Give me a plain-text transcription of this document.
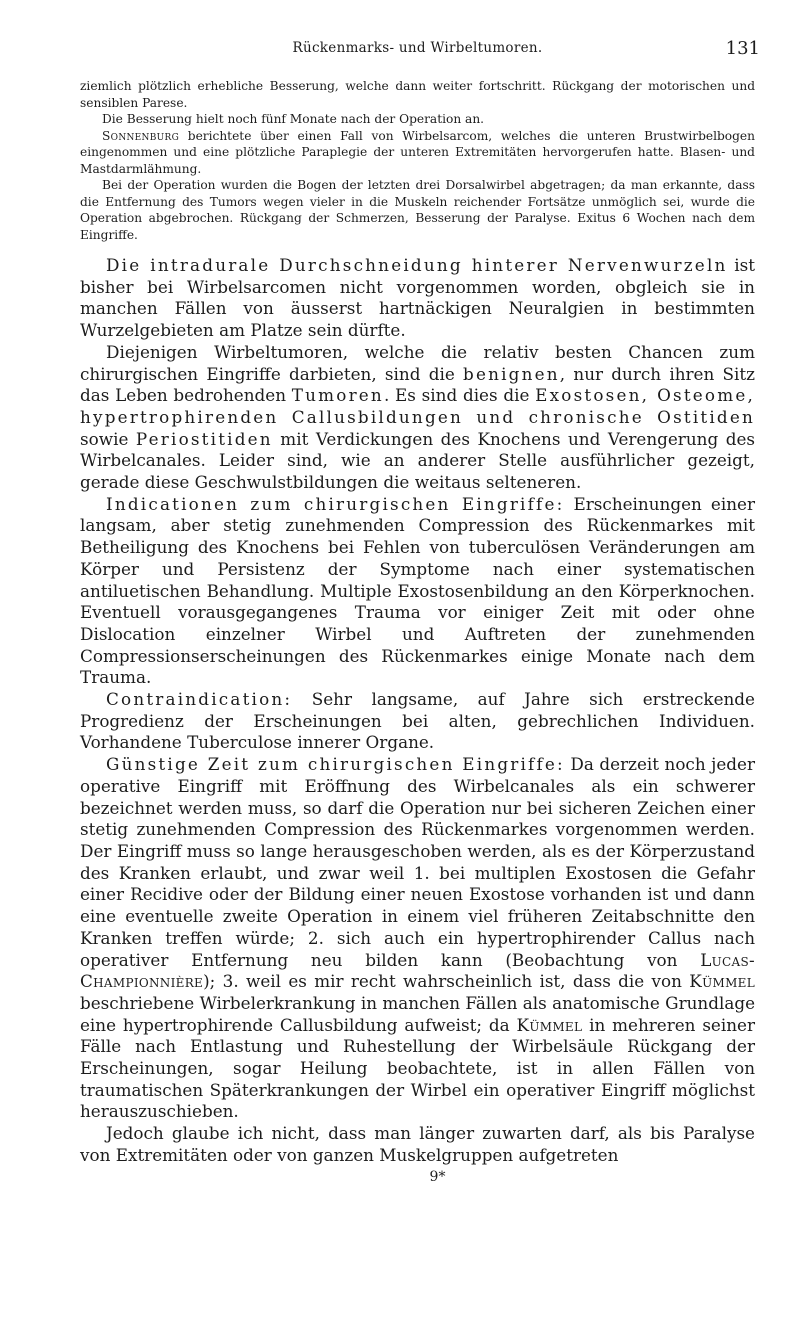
Rückenmarks- und Wirbeltumoren.	131

ziemlich plötzlich erhebliche Besserung, welche dann weiter fortschritt. Rückgang der motorischen und sensiblen Parese.

Die Besserung hielt noch fünf Monate nach der Operation an.

Sonnenburg berichtete über einen Fall von Wirbelsarcom, welches die unteren Brustwirbelbogen eingenommen und eine plötzliche Paraplegie der unteren Extremitäten hervorgerufen hatte. Blasen- und Mastdarmlähmung.

Bei der Operation wurden die Bogen der letzten drei Dorsalwirbel abgetragen; da man erkannte, dass die Entfernung des Tumors wegen vieler in die Muskeln reichender Fortsätze unmöglich sei, wurde die Operation abgebrochen. Rückgang der Schmerzen, Besserung der Paralyse. Exitus 6 Wochen nach dem Eingriffe.

Die intradurale Durchschneidung hinterer Nervenwurzeln ist bisher bei Wirbelsarcomen nicht vorgenommen worden, obgleich sie in manchen Fällen von äusserst hartnäckigen Neuralgien in bestimmten Wurzelgebieten am Platze sein dürfte.

Diejenigen Wirbeltumoren, welche die relativ besten Chancen zum chirurgischen Eingriffe darbieten, sind die benignen, nur durch ihren Sitz das Leben bedrohenden Tumoren. Es sind dies die Exostosen, Osteome, hypertrophirenden Callusbildungen und chronische Ostitiden sowie Periostitiden mit Verdickungen des Knochens und Verengerung des Wirbelcanales. Leider sind, wie an anderer Stelle ausführlicher gezeigt, gerade diese Geschwulstbildungen die weitaus selteneren.

Indicationen zum chirurgischen Eingriffe: Erscheinungen einer langsam, aber stetig zunehmenden Compression des Rückenmarkes mit Betheiligung des Knochens bei Fehlen von tuberculösen Veränderungen am Körper und Persistenz der Symptome nach einer systematischen antiluetischen Behandlung. Multiple Exostosenbildung an den Körperknochen. Eventuell vorausgegangenes Trauma vor einiger Zeit mit oder ohne Dislocation einzelner Wirbel und Auftreten der zunehmenden Compressionserscheinungen des Rückenmarkes einige Monate nach dem Trauma.

Contraindication: Sehr langsame, auf Jahre sich erstreckende Progredienz der Erscheinungen bei alten, gebrechlichen Individuen. Vorhandene Tuberculose innerer Organe.

Günstige Zeit zum chirurgischen Eingriffe: Da derzeit noch jeder operative Eingriff mit Eröffnung des Wirbelcanales als ein schwerer bezeichnet werden muss, so darf die Operation nur bei sicheren Zeichen einer stetig zunehmenden Compression des Rückenmarkes vorgenommen werden. Der Eingriff muss so lange herausgeschoben werden, als es der Körperzustand des Kranken erlaubt, und zwar weil 1. bei multiplen Exostosen die Gefahr einer Recidive oder der Bildung einer neuen Exostose vorhanden ist und dann eine eventuelle zweite Operation in einem viel früheren Zeitabschnitte den Kranken treffen würde; 2. sich auch ein hypertrophirender Callus nach operativer Entfernung neu bilden kann (Beobachtung von Lucas-Championnière); 3. weil es mir recht wahrscheinlich ist, dass die von Kümmel beschriebene Wirbelerkrankung in manchen Fällen als anatomische Grundlage eine hypertrophirende Callusbildung aufweist; da Kümmel in mehreren seiner Fälle nach Entlastung und Ruhestellung der Wirbelsäule Rückgang der Erscheinungen, sogar Heilung beobachtete, ist in allen Fällen von traumatischen Späterkrankungen der Wirbel ein operativer Eingriff möglichst herauszuschieben.

Jedoch glaube ich nicht, dass man länger zuwarten darf, als bis Paralyse von Extremitäten oder von ganzen Muskelgruppen aufgetreten

9*
